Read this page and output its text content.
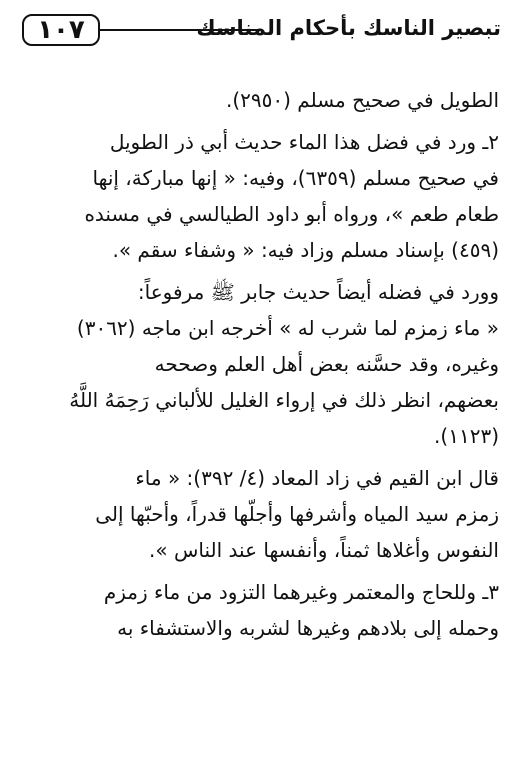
١٠٧	تبصير الناسك بأحكام المناسك
الطويل في صحيح مسلم (٢٩٥٠).
٢ـ ورد في فضل هذا الماء حديث أبي ذر الطويل
في صحيح مسلم (٦٣٥٩)، وفيه: « إنها مباركة، إنها
طعام طعم »، ورواه أبو داود الطيالسي في مسنده
(٤٥٩) بإسناد مسلم وزاد فيه: « وشفاء سقم ».
وورد في فضله أيضاً حديث جابر ﷺ مرفوعاً:
« ماء زمزم لما شرب له » أخرجه ابن ماجه (٣٠٦٢)
وغيره، وقد حسَّنه بعض أهل العلم وصححه
بعضهم، انظر ذلك في إرواء الغليل للألباني رَحِمَهُ اللَّهُ
(١١٢٣).
قال ابن القيم في زاد المعاد (٤/ ٣٩٢): « ماء
زمزم سيد المياه وأشرفها وأجلّها قدراً، وأحبّها إلى
النفوس وأغلاها ثمناً، وأنفسها عند الناس ».
٣ـ وللحاج والمعتمر وغيرهما التزود من ماء زمزم
وحمله إلى بلادهم وغيرها لشربه والاستشفاء به
